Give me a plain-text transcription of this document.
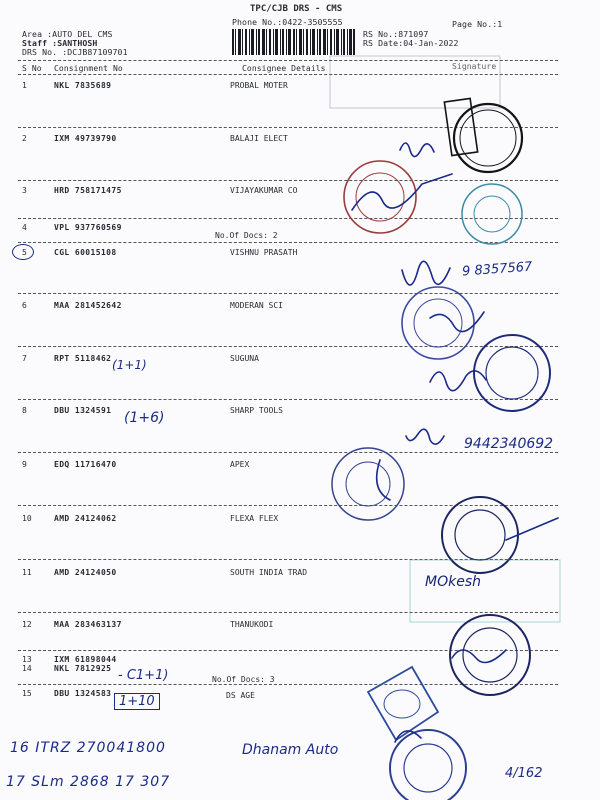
TPC/CJB DRS - CMS
Phone No.:0422-3505555	Page No.:1
Area :AUTO DEL CMS
Staff :SANTHOSH
DRS No. :DCJB87109701
RS No.:871097
RS Date:04-Jan-2022
S No Consignment No	Consignee Details	Signature
1	NKL 7835689	PROBAL MOTER
2	IXM 49739790	BALAJI ELECT
3	HRD 758171475	VIJAYAKUMAR CO
4	VPL 937760569
No.Of Docs: 2
5	CGL 60015108	VISHNU PRASATH
6	MAA 281452642	MODERAN SCI
7	RPT 5118462	SUGUNA
8	DBU 1324591	SHARP TOOLS
9	EDQ 11716470	APEX
10	AMD 24124062	FLEXA FLEX
11	AMD 24124050	SOUTH INDIA TRAD
12	MAA 283463137	THANUKODI
13	IXM 61898044
14	NKL 7812925
No.Of Docs: 3
15	DBU 1324583	DS AGE
(1+1)
(1+6)
9 8357567
9442340692
MOkesh
- C1+1)
1+10
16 ITRZ 270041800	Dhanam Auto
17 SLm 2868 17 307
4/162
